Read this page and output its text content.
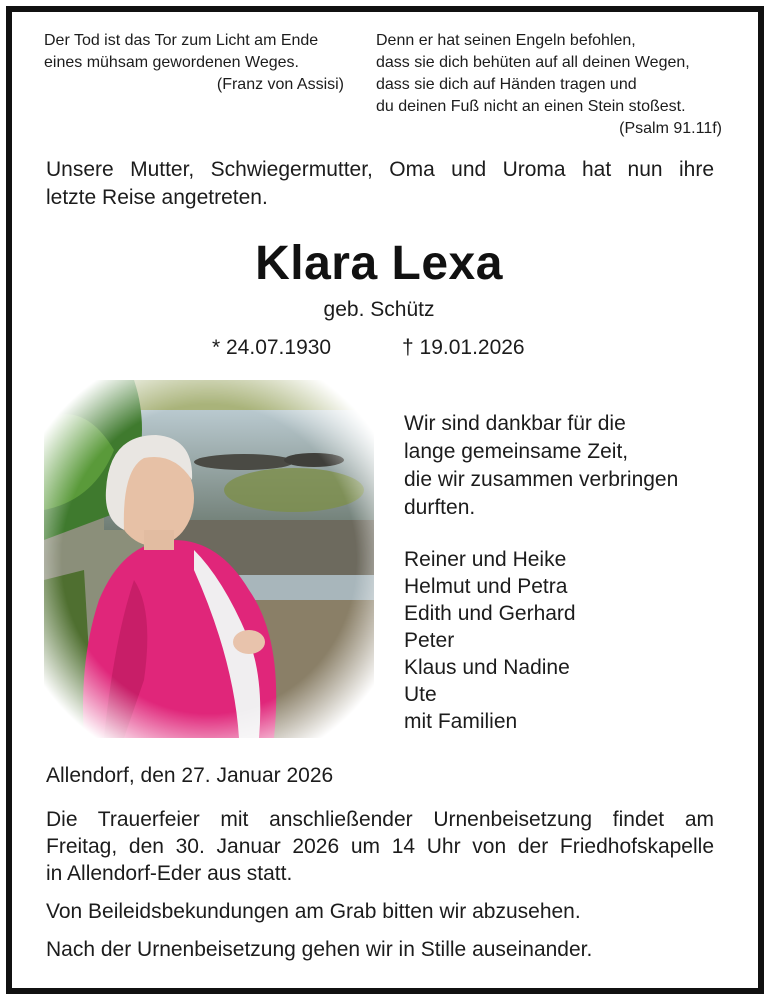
Der Tod ist das Tor zum Licht am Ende
eines mühsam gewordenen Weges.
(Franz von Assisi)
Denn er hat seinen Engeln befohlen,
dass sie dich behüten auf all deinen Wegen,
dass sie dich auf Händen tragen und
du deinen Fuß nicht an einen Stein stoßest.
(Psalm 91.11f)
Unsere Mutter, Schwiegermutter, Oma und Uroma hat nun ihre
letzte Reise angetreten.
Klara Lexa
geb. Schütz
* 24.07.1930	† 19.01.2026
Wir sind dankbar für die
lange gemeinsame Zeit,
die wir zusammen verbringen
durften.
Reiner und Heike
Helmut und Petra
Edith und Gerhard
Peter
Klaus und Nadine
Ute
mit Familien
Allendorf, den 27. Januar 2026
Die Trauerfeier mit anschließender Urnenbeisetzung findet am
Freitag, den 30. Januar 2026 um 14 Uhr von der Friedhofskapelle
in Allendorf-Eder aus statt.
Von Beileidsbekundungen am Grab bitten wir abzusehen.
Nach der Urnenbeisetzung gehen wir in Stille auseinander.
